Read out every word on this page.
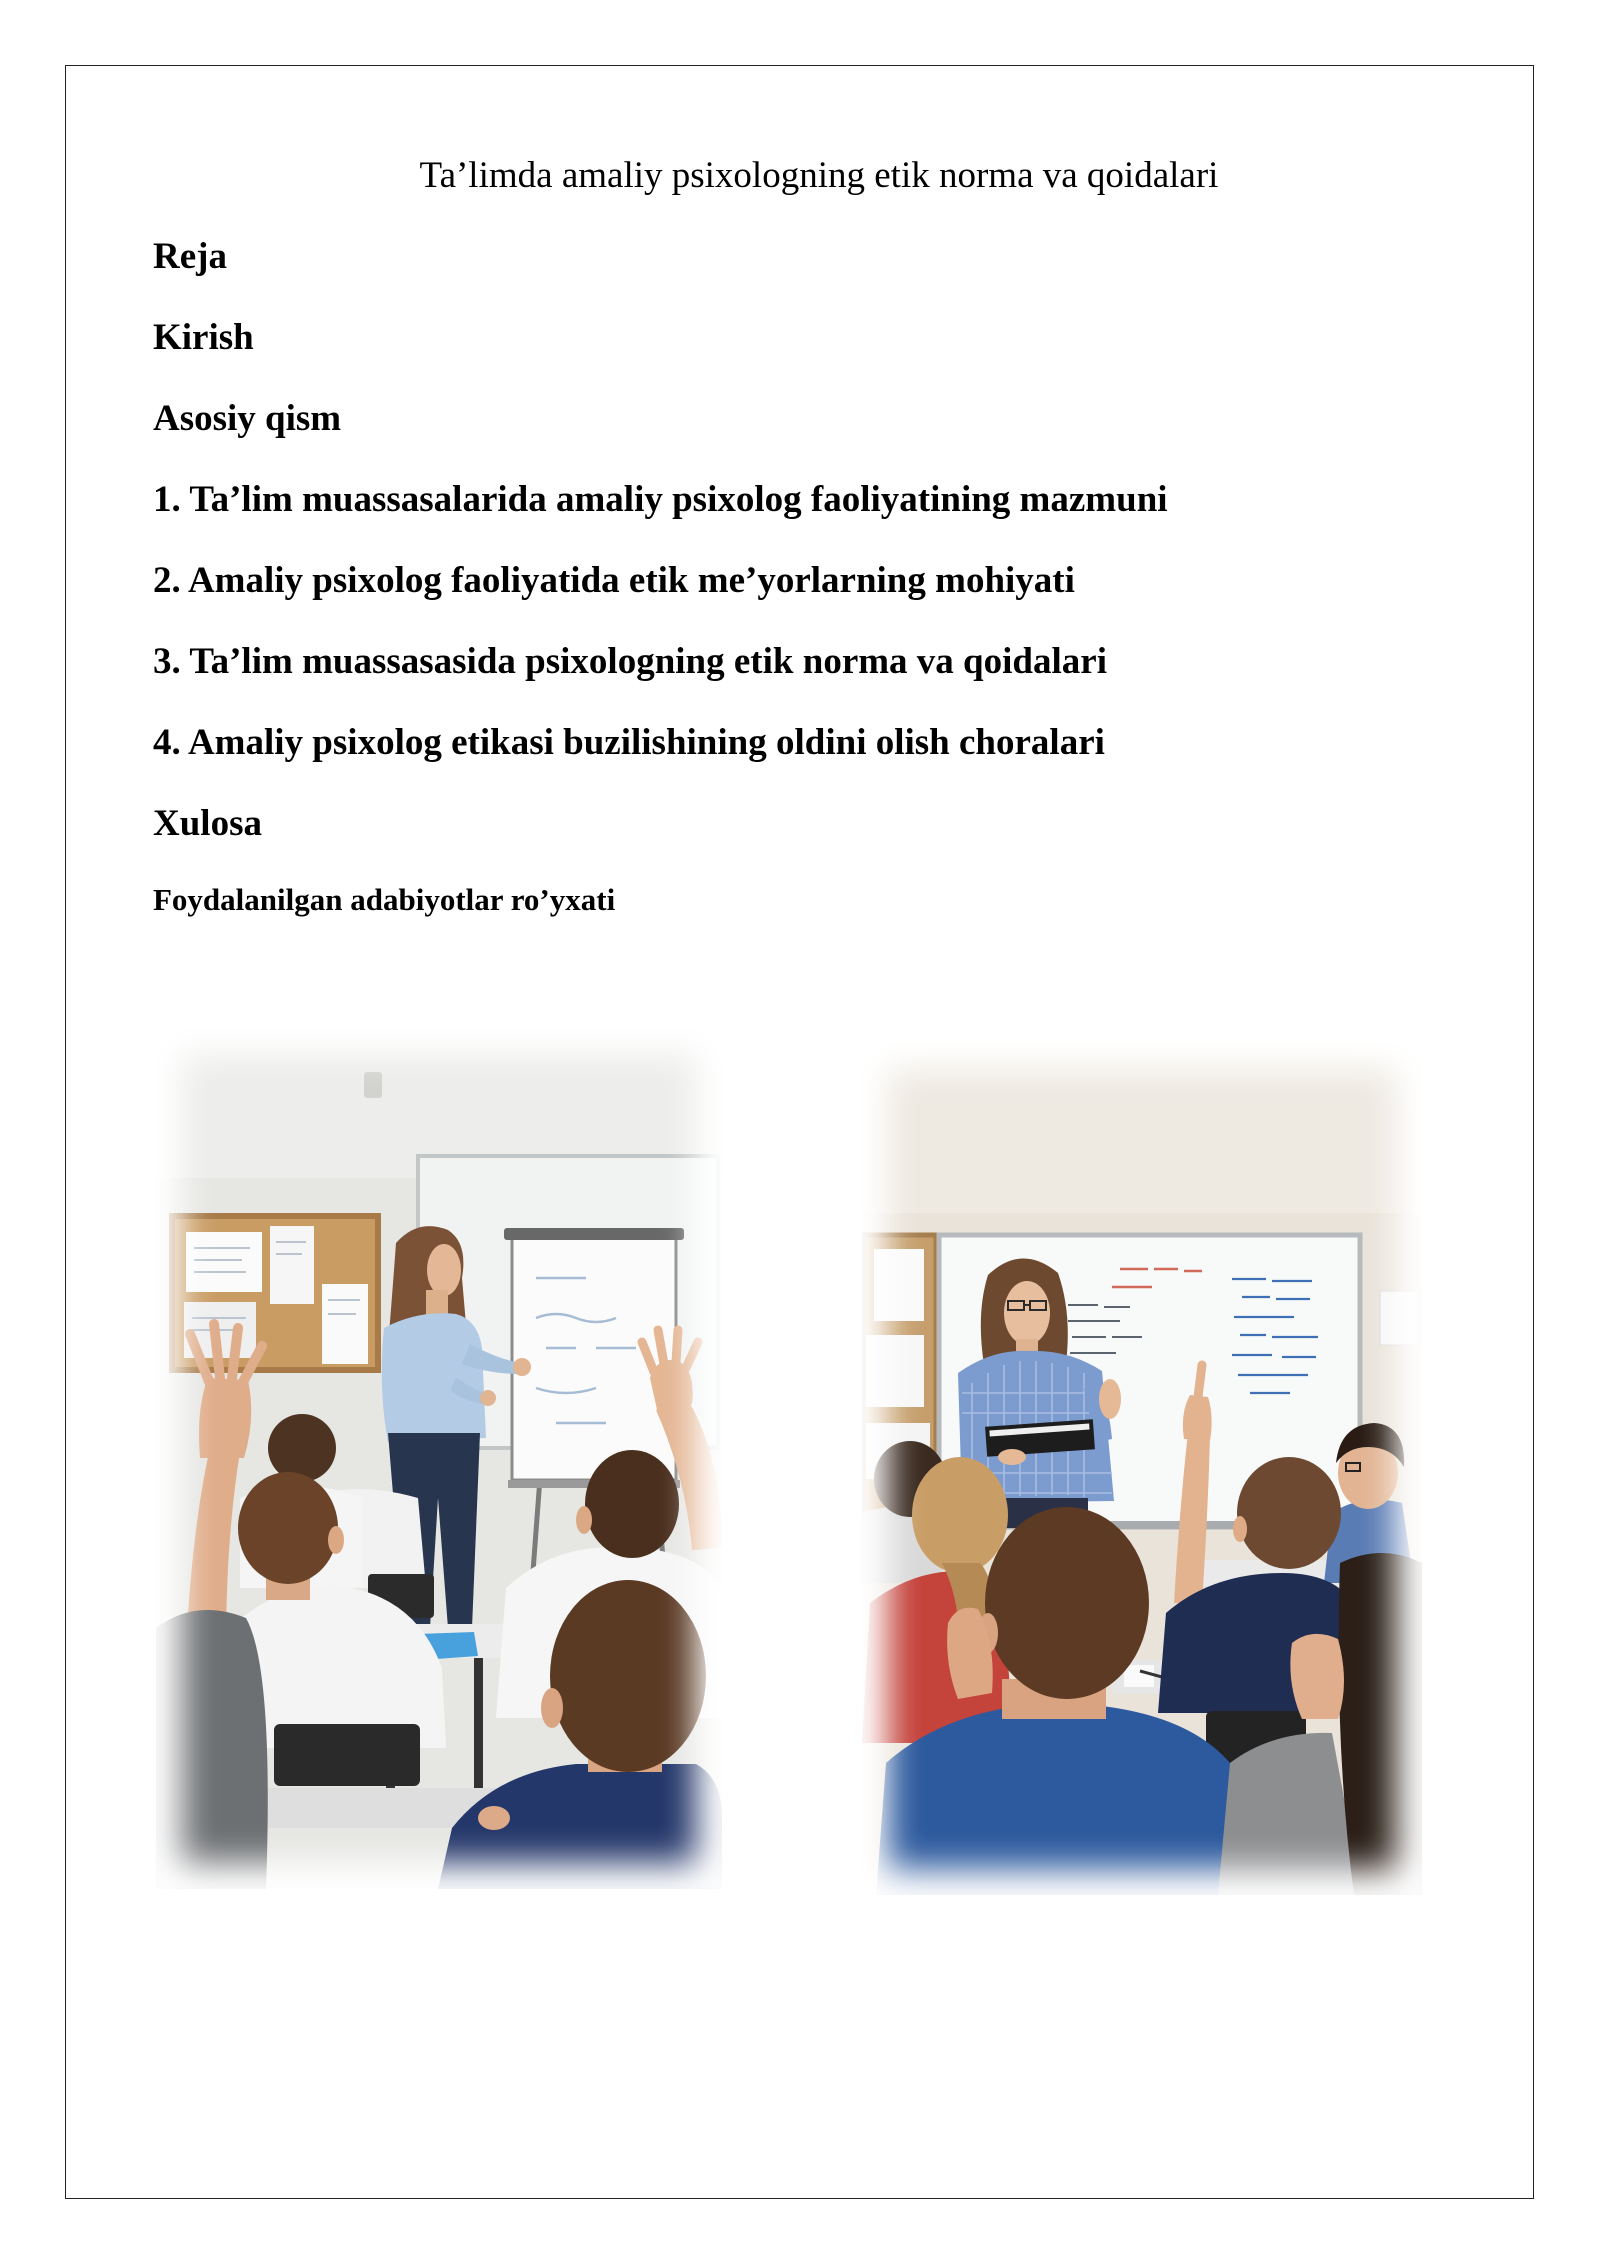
Ta’limda amaliy psixologning etik norma va qoidalari
Reja
Kirish
Asosiy qism
1. Ta’lim muassasalarida amaliy psixolog faoliyatining mazmuni
2. Amaliy psixolog faoliyatida etik me’yorlarning mohiyati
3. Ta’lim muassasasida psixologning etik norma va qoidalari
4. Amaliy psixolog etikasi buzilishining oldini olish choralari
Xulosa
Foydalanilgan adabiyotlar ro’yxati
